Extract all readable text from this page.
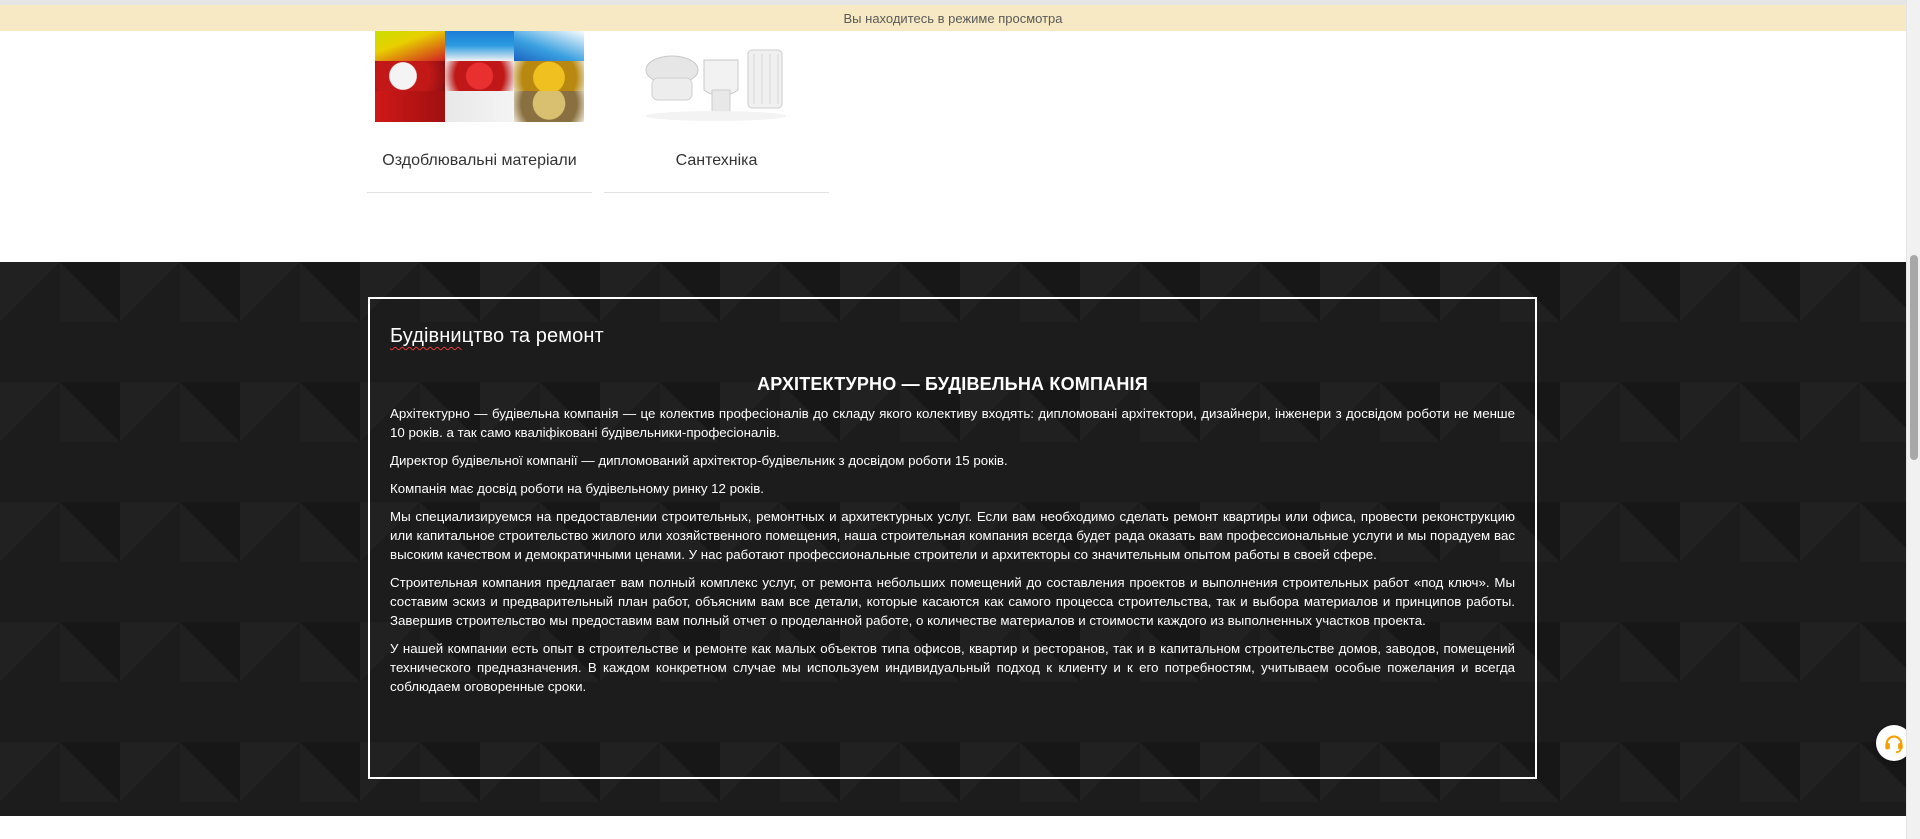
Оздоблювальні матеріали	Сантехніка
Вы находитесь в режиме просмотра
Будівництво та ремонт
АРХІТЕКТУРНО — БУДІВЕЛЬНА КОМПАНІЯ

Архітектурно — будівельна компанія — це колектив професіоналів до складу якого колективу входять: дипломовані архітектори, дизайнери, інженери з досвідом роботи не менше 10 років. а так само кваліфіковані будівельники-професіоналів.

Директор будівельної компанії — дипломований архітектор-будівельник з досвідом роботи 15 років.

Компанія має досвід роботи на будівельному ринку 12 років.

Мы специализируемся на предоставлении строительных, ремонтных и архитектурных услуг. Если вам необходимо сделать ремонт квартиры или офиса, провести реконструкцию или капитальное строительство жилого или хозяйственного помещения, наша строительная компания всегда будет рада оказать вам профессиональные услуги и мы порадуем вас высоким качеством и демократичными ценами. У нас работают профессиональные строители и архитекторы со значительным опытом работы в своей сфере.

Строительная компания предлагает вам полный комплекс услуг, от ремонта небольших помещений до составления проектов и выполнения строительных работ «под ключ». Мы составим эскиз и предварительный план работ, объясним вам все детали, которые касаются как самого процесса строительства, так и выбора материалов и принципов работы. Завершив строительство мы предоставим вам полный отчет о проделанной работе, о количестве материалов и стоимости каждого из выполненных участков проекта.

У нашей компании есть опыт в строительстве и ремонте как малых объектов типа офисов, квартир и ресторанов, так и в капитальном строительстве домов, заводов, помещений технического предназначения. В каждом конкретном случае мы используем индивидуальный подход к клиенту и к его потребностям, учитываем особые пожелания и всегда соблюдаем оговоренные сроки.
